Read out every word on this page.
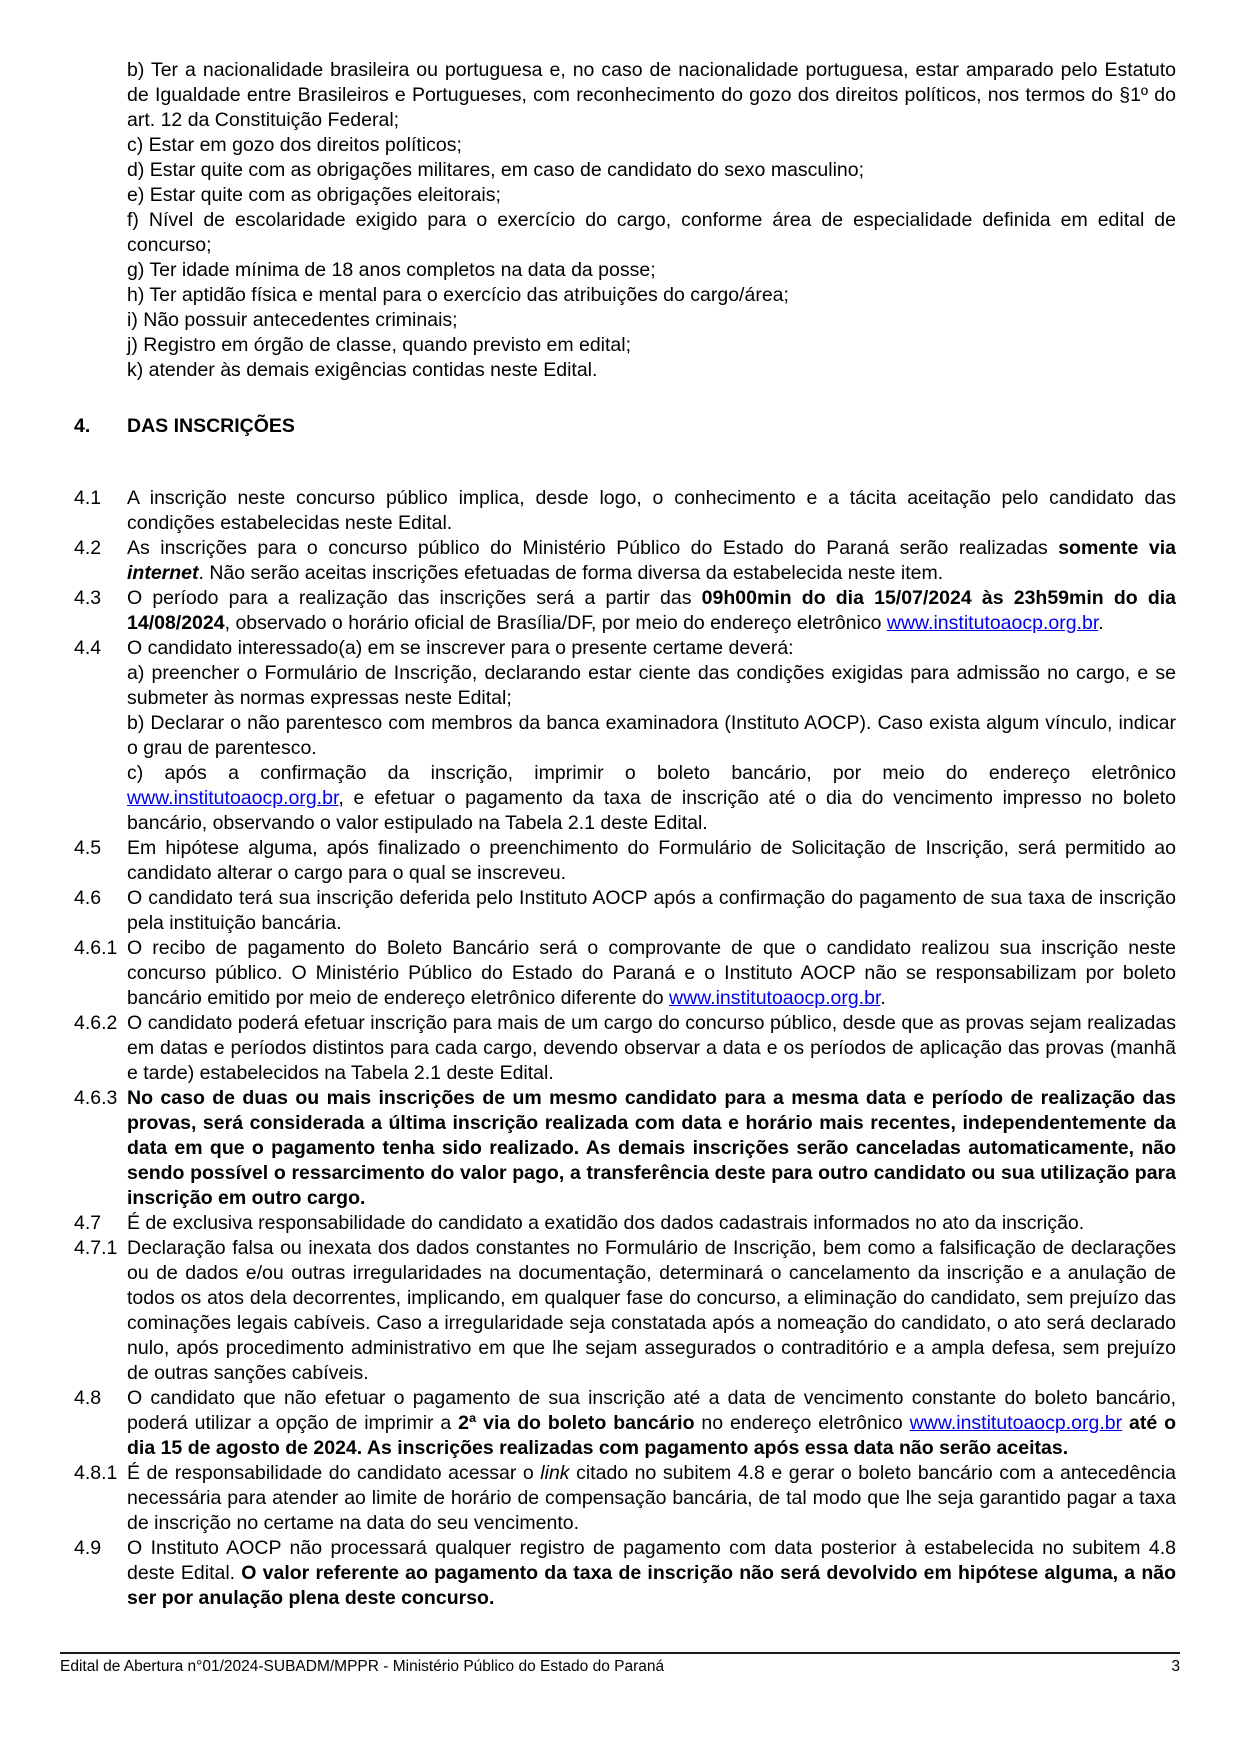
b) Ter a nacionalidade brasileira ou portuguesa e, no caso de nacionalidade portuguesa, estar amparado pelo Estatuto de Igualdade entre Brasileiros e Portugueses, com reconhecimento do gozo dos direitos políticos, nos termos do §1º do art. 12 da Constituição Federal;
c) Estar em gozo dos direitos políticos;
d) Estar quite com as obrigações militares, em caso de candidato do sexo masculino;
e) Estar quite com as obrigações eleitorais;
f) Nível de escolaridade exigido para o exercício do cargo, conforme área de especialidade definida em edital de concurso;
g) Ter idade mínima de 18 anos completos na data da posse;
h) Ter aptidão física e mental para o exercício das atribuições do cargo/área;
i) Não possuir antecedentes criminais;
j) Registro em órgão de classe, quando previsto em edital;
k) atender às demais exigências contidas neste Edital.
4.	DAS INSCRIÇÕES
4.1	A inscrição neste concurso público implica, desde logo, o conhecimento e a tácita aceitação pelo candidato das condições estabelecidas neste Edital.
4.2	As inscrições para o concurso público do Ministério Público do Estado do Paraná serão realizadas somente via internet. Não serão aceitas inscrições efetuadas de forma diversa da estabelecida neste item.
4.3	O período para a realização das inscrições será a partir das 09h00min do dia 15/07/2024 às 23h59min do dia 14/08/2024, observado o horário oficial de Brasília/DF, por meio do endereço eletrônico www.institutoaocp.org.br.
4.4	O candidato interessado(a) em se inscrever para o presente certame deverá:
a) preencher o Formulário de Inscrição, declarando estar ciente das condições exigidas para admissão no cargo, e se submeter às normas expressas neste Edital;
b) Declarar o não parentesco com membros da banca examinadora (Instituto AOCP). Caso exista algum vínculo, indicar o grau de parentesco.
c) após a confirmação da inscrição, imprimir o boleto bancário, por meio do endereço eletrônico www.institutoaocp.org.br, e efetuar o pagamento da taxa de inscrição até o dia do vencimento impresso no boleto bancário, observando o valor estipulado na Tabela 2.1 deste Edital.
4.5	Em hipótese alguma, após finalizado o preenchimento do Formulário de Solicitação de Inscrição, será permitido ao candidato alterar o cargo para o qual se inscreveu.
4.6	O candidato terá sua inscrição deferida pelo Instituto AOCP após a confirmação do pagamento de sua taxa de inscrição pela instituição bancária.
4.6.1 O recibo de pagamento do Boleto Bancário será o comprovante de que o candidato realizou sua inscrição neste concurso público. O Ministério Público do Estado do Paraná e o Instituto AOCP não se responsabilizam por boleto bancário emitido por meio de endereço eletrônico diferente do www.institutoaocp.org.br.
4.6.2 O candidato poderá efetuar inscrição para mais de um cargo do concurso público, desde que as provas sejam realizadas em datas e períodos distintos para cada cargo, devendo observar a data e os períodos de aplicação das provas (manhã e tarde) estabelecidos na Tabela 2.1 deste Edital.
4.6.3 No caso de duas ou mais inscrições de um mesmo candidato para a mesma data e período de realização das provas, será considerada a última inscrição realizada com data e horário mais recentes, independentemente da data em que o pagamento tenha sido realizado. As demais inscrições serão canceladas automaticamente, não sendo possível o ressarcimento do valor pago, a transferência deste para outro candidato ou sua utilização para inscrição em outro cargo.
4.7	É de exclusiva responsabilidade do candidato a exatidão dos dados cadastrais informados no ato da inscrição.
4.7.1 Declaração falsa ou inexata dos dados constantes no Formulário de Inscrição, bem como a falsificação de declarações ou de dados e/ou outras irregularidades na documentação, determinará o cancelamento da inscrição e a anulação de todos os atos dela decorrentes, implicando, em qualquer fase do concurso, a eliminação do candidato, sem prejuízo das cominações legais cabíveis. Caso a irregularidade seja constatada após a nomeação do candidato, o ato será declarado nulo, após procedimento administrativo em que lhe sejam assegurados o contraditório e a ampla defesa, sem prejuízo de outras sanções cabíveis.
4.8	O candidato que não efetuar o pagamento de sua inscrição até a data de vencimento constante do boleto bancário, poderá utilizar a opção de imprimir a 2ª via do boleto bancário no endereço eletrônico www.institutoaocp.org.br até o dia 15 de agosto de 2024. As inscrições realizadas com pagamento após essa data não serão aceitas.
4.8.1 É de responsabilidade do candidato acessar o link citado no subitem 4.8 e gerar o boleto bancário com a antecedência necessária para atender ao limite de horário de compensação bancária, de tal modo que lhe seja garantido pagar a taxa de inscrição no certame na data do seu vencimento.
4.9	O Instituto AOCP não processará qualquer registro de pagamento com data posterior à estabelecida no subitem 4.8 deste Edital. O valor referente ao pagamento da taxa de inscrição não será devolvido em hipótese alguma, a não ser por anulação plena deste concurso.
Edital de Abertura n°01/2024-SUBADM/MPPR - Ministério Público do Estado do Paraná	3
